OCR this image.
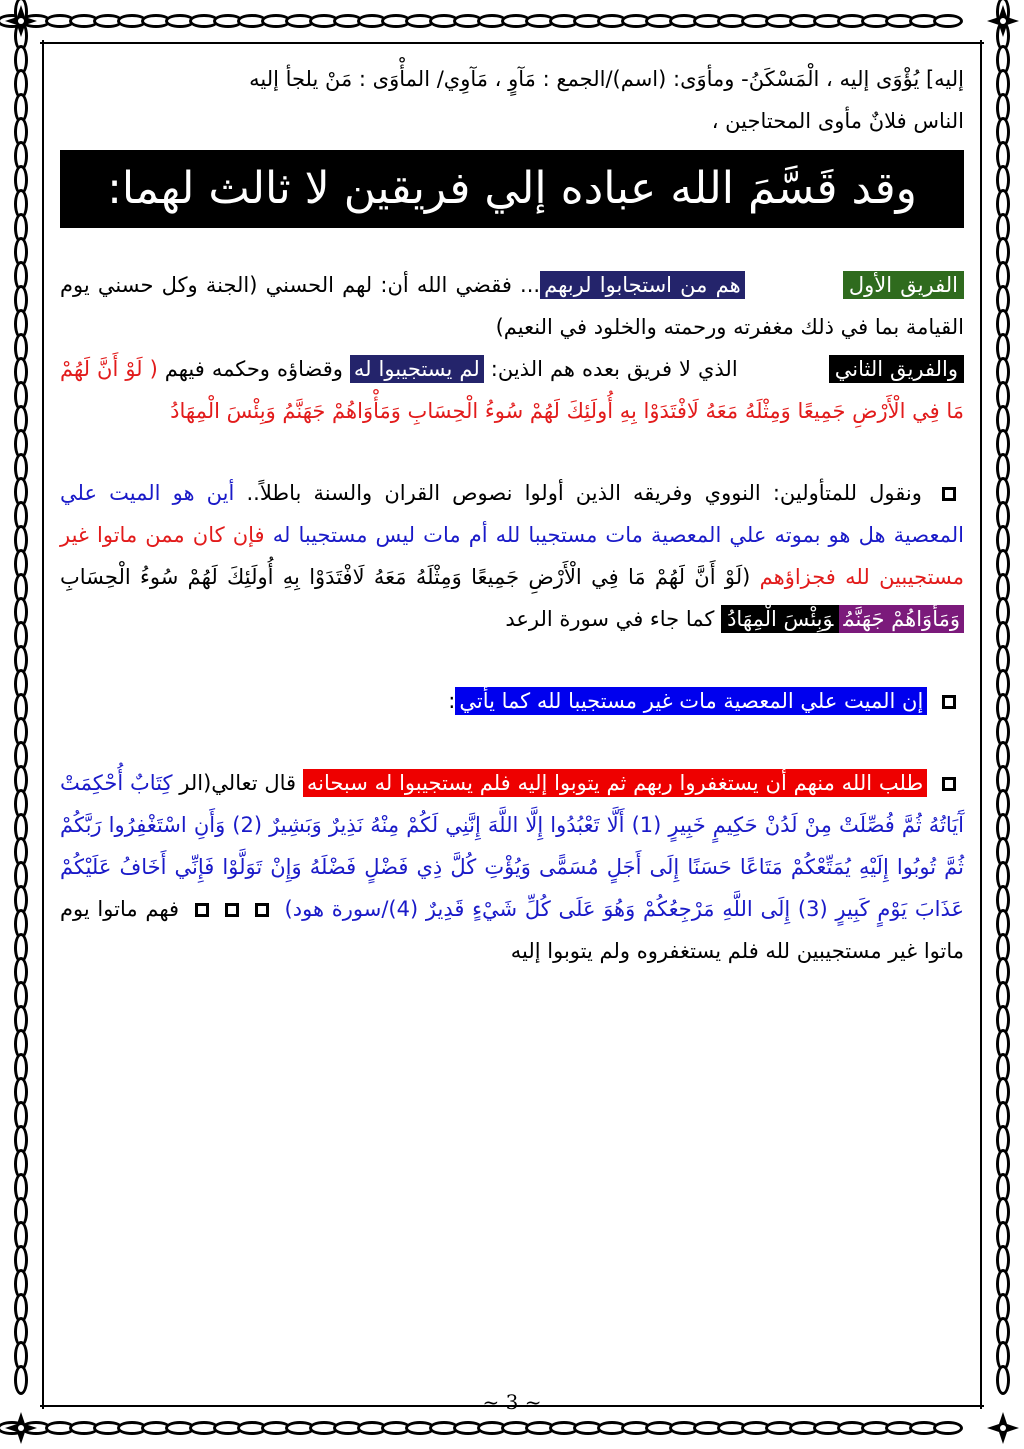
إليه] يُؤْوَى إليه ، الْمَسْكَنُ- ومأوَى: (اسم)/الجمع : مَآوٍ ، مَآوِي/ المأْوَى : مَنْ يلجأ إليه

الناس فلانٌ مأوى المحتاجين ،

وقد قَسَّمَ الله عباده إلي فريقين لا ثالث لهما:

الفريق الأول            هم من استجابوا لربهم... فقضي الله أن: لهم الحسني (الجنة وكل حسني يوم القيامة بما في ذلك مغفرته ورحمته والخلود في النعيم)

والفريق الثاني             الذي لا فريق بعده هم الذين: لم يستجيبوا له وقضاؤه وحكمه فيهم ( لَوْ أَنَّ لَهُمْ مَا فِي الْأَرْضِ جَمِيعًا وَمِثْلَهُ مَعَهُ لَافْتَدَوْا بِهِ أُولَئِكَ لَهُمْ سُوءُ الْحِسَابِ وَمَأْوَاهُمْ جَهَنَّمُ وَبِئْسَ الْمِهَادُ

ونقول للمتأولين: النووي وفريقه الذين أولوا نصوص القران والسنة باطلاً.. أين هو الميت علي المعصية هل هو بموته علي المعصية مات مستجيبا لله أم مات ليس مستجيبا له فإن كان ممن ماتوا غير مستجيبين لله فجزاؤهم (لَوْ أَنَّ لَهُمْ مَا فِي الْأَرْضِ جَمِيعًا وَمِثْلَهُ مَعَهُ لَافْتَدَوْا بِهِ أُولَئِكَ لَهُمْ سُوءُ الْحِسَابِ وَمَأْوَاهُمْ جَهَنَّمُوَبِئْسَ الْمِهَادُ كما جاء في سورة الرعد

إن الميت علي المعصية مات غير مستجيبا لله كما يأتي:

طلب الله منهم أن يستغفروا ربهم ثم يتوبوا إليه فلم يستجيبوا له سبحانه قال تعالي(الر كِتَابٌ أُحْكِمَتْ آَيَاتُهُ ثُمَّ فُصِّلَتْ مِنْ لَدُنْ حَكِيمٍ خَبِيرٍ (1) أَلَّا تَعْبُدُوا إِلَّا اللَّهَ إِنَّنِي لَكُمْ مِنْهُ نَذِيرٌ وَبَشِيرٌ (2) وَأَنِ اسْتَغْفِرُوا رَبَّكُمْ ثُمَّ تُوبُوا إِلَيْهِ يُمَتِّعْكُمْ مَتَاعًا حَسَنًا إِلَى أَجَلٍ مُسَمًّى وَيُؤْتِ كُلَّ ذِي فَضْلٍ فَضْلَهُ وَإِنْ تَوَلَّوْا فَإِنِّي أَخَافُ عَلَيْكُمْ عَذَابَ يَوْمٍ كَبِيرٍ (3) إِلَى اللَّهِ مَرْجِعُكُمْ وَهُوَ عَلَى كُلِّ شَيْءٍ قَدِيرٌ (4)/سورة هود)  فهم ماتوا يوم ماتوا غير مستجيبين لله فلم يستغفروه ولم يتوبوا إليه

~ 3 ~
